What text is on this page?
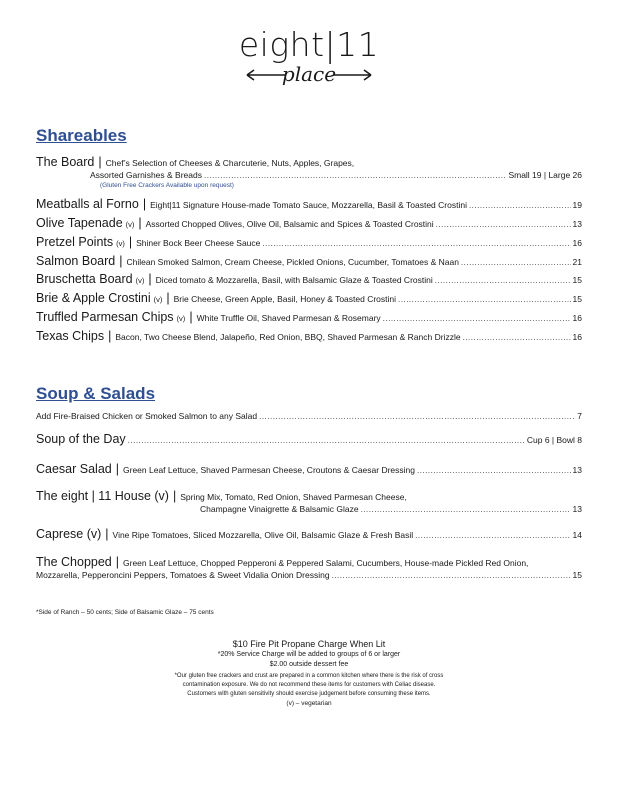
eight|11
place
Shareables
The Board | Chef’s Selection of Cheeses & Charcuterie, Nuts, Apples, Grapes,
Assorted Garnishes & Breads .....	Small 19 | Large 26
(Gluten Free Crackers Available upon request)
Meatballs al Forno | Eight|11 Signature House-made Tomato Sauce, Mozzarella, Basil & Toasted Crostini .....	19
Olive Tapenade (v) | Assorted Chopped Olives, Olive Oil, Balsamic and Spices & Toasted Crostini .....	13
Pretzel Points (v) | Shiner Bock Beer Cheese Sauce .....	16
Salmon Board | Chilean Smoked Salmon, Cream Cheese, Pickled Onions, Cucumber, Tomatoes & Naan .....	21
Bruschetta Board (v) | Diced tomato & Mozzarella, Basil, with Balsamic Glaze & Toasted Crostini .....	15
Brie & Apple Crostini (v) | Brie Cheese, Green Apple, Basil, Honey & Toasted Crostini .....	15
Truffled Parmesan Chips (v) | White Truffle Oil, Shaved Parmesan & Rosemary .....	16
Texas Chips | Bacon, Two Cheese Blend, Jalapeño, Red Onion, BBQ, Shaved Parmesan & Ranch Drizzle .....	16
Soup & Salads
Add Fire-Braised Chicken or Smoked Salmon to any Salad .....	7
Soup of the Day .....	Cup 6 | Bowl 8
Caesar Salad | Green Leaf Lettuce, Shaved Parmesan Cheese, Croutons & Caesar Dressing .....	13
The eight | 11 House (v) | Spring Mix, Tomato, Red Onion, Shaved Parmesan Cheese,
Champagne Vinaigrette & Balsamic Glaze .....	13
Caprese (v) | Vine Ripe Tomatoes, Sliced Mozzarella, Olive Oil, Balsamic Glaze & Fresh Basil .....	14
The Chopped | Green Leaf Lettuce, Chopped Pepperoni & Peppered Salami, Cucumbers, House-made Pickled Red Onion,
Mozzarella, Pepperoncini Peppers, Tomatoes & Sweet Vidalia Onion Dressing .....	15
*Side of Ranch – 50 cents; Side of Balsamic Glaze – 75 cents
$10 Fire Pit Propane Charge When Lit
*20% Service Charge will be added to groups of 6 or larger
$2.00 outside dessert fee
*Our gluten free crackers and crust are prepared in a common kitchen where there is the risk of cross
contamination exposure. We do not recommend these items for customers with Celiac disease.
Customers with gluten sensitivity should exercise judgement before consuming these items.
(v) – vegetarian
